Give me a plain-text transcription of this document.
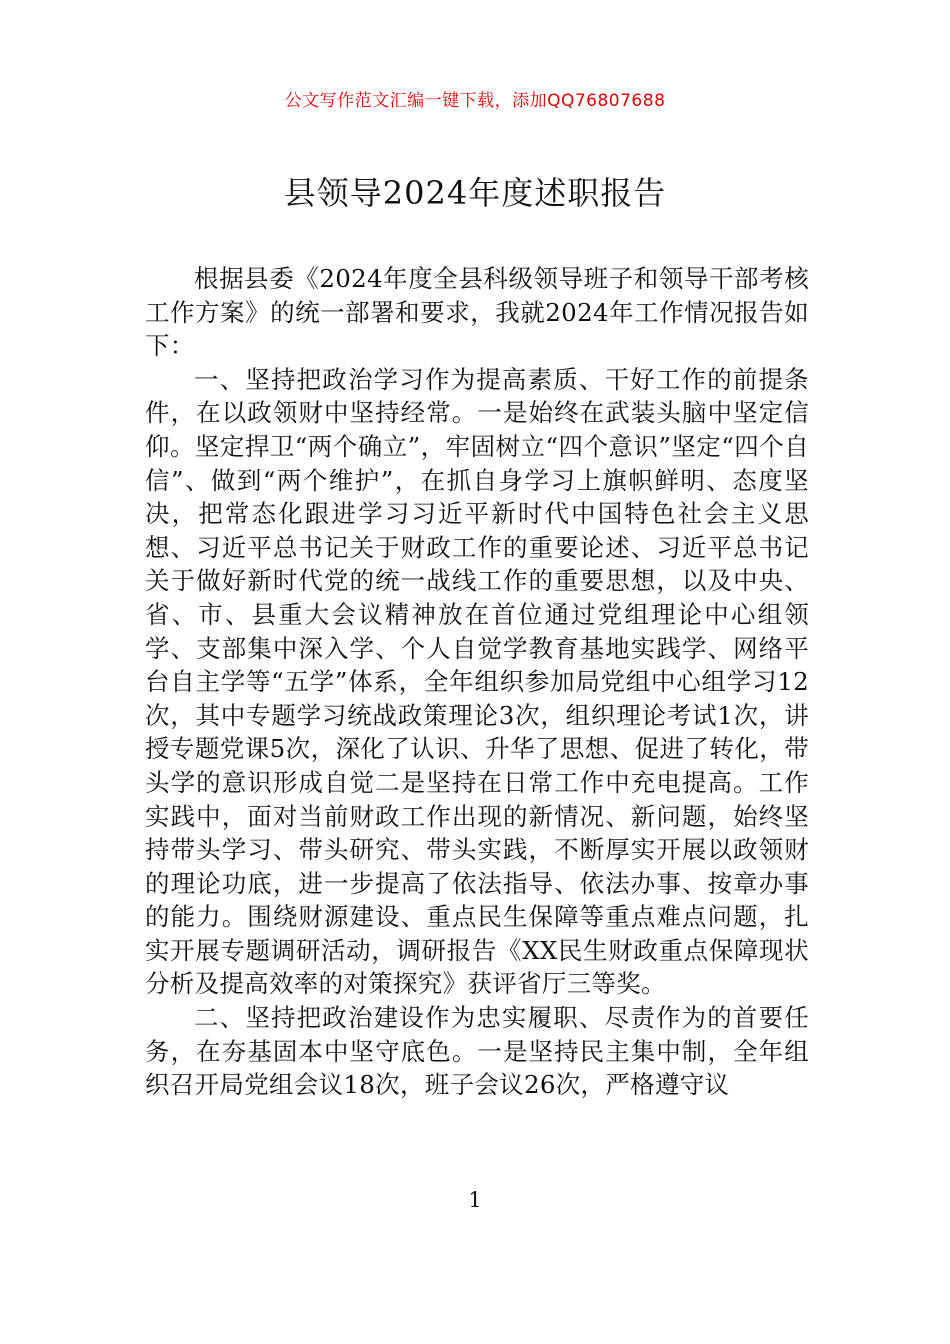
公文写作范文汇编一键下载，添加QQ76807688
县领导2024年度述职报告

根据县委《2024年度全县科级领导班子和领导干部考核工作方案》的统一部署和要求，我就2024年工作情况报告如下：

一、坚持把政治学习作为提高素质、干好工作的前提条件，在以政领财中坚持经常。一是始终在武装头脑中坚定信仰。坚定捍卫“两个确立”，牢固树立“四个意识”坚定“四个自信”、做到“两个维护”，在抓自身学习上旗帜鲜明、态度坚决，把常态化跟进学习习近平新时代中国特色社会主义思想、习近平总书记关于财政工作的重要论述、习近平总书记关于做好新时代党的统一战线工作的重要思想，以及中央、省、市、县重大会议精神放在首位通过党组理论中心组领学、支部集中深入学、个人自觉学教育基地实践学、网络平台自主学等“五学”体系，全年组织参加局党组中心组学习12次，其中专题学习统战政策理论3次，组织理论考试1次，讲授专题党课5次，深化了认识、升华了思想、促进了转化，带头学的意识形成自觉二是坚持在日常工作中充电提高。工作实践中，面对当前财政工作出现的新情况、新问题，始终坚持带头学习、带头研究、带头实践，不断厚实开展以政领财的理论功底，进一步提高了依法指导、依法办事、按章办事的能力。围绕财源建设、重点民生保障等重点难点问题，扎实开展专题调研活动，调研报告《XX民生财政重点保障现状分析及提高效率的对策探究》获评省厅三等奖。

二、坚持把政治建设作为忠实履职、尽责作为的首要任务，在夯基固本中坚守底色。一是坚持民主集中制，全年组织召开局党组会议18次，班子会议26次，严格遵守议

1
